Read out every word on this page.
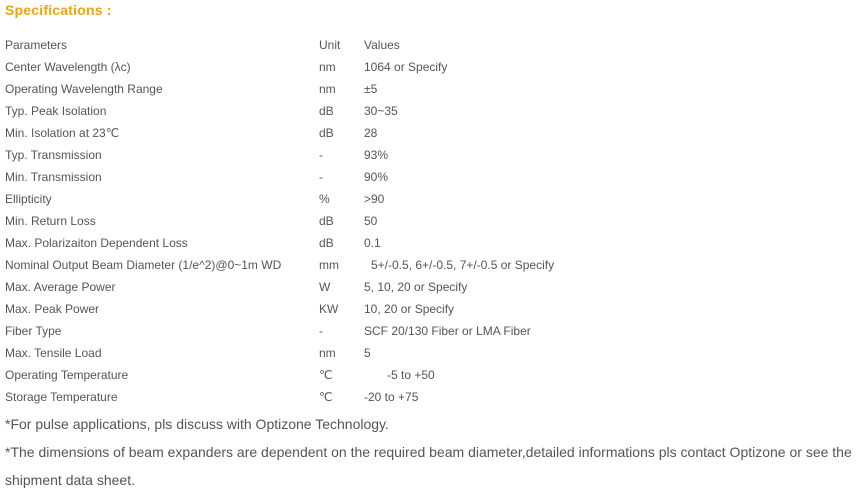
Specifications :
Parameters	Unit	Values
Center Wavelength (λc)	nm	1064 or Specify
Operating Wavelength Range	nm	±5
Typ. Peak Isolation	dB	30~35
Min. Isolation at 23℃	dB	28
Typ. Transmission	-	93%
Min. Transmission	-	90%
Ellipticity	%	>90
Min. Return Loss	dB	50
Max. Polarizaiton Dependent Loss	dB	0.1
Nominal Output Beam Diameter (1/e^2)@0~1m WD	mm	5+/-0.5, 6+/-0.5, 7+/-0.5 or Specify
Max. Average Power	W	5, 10, 20 or Specify
Max. Peak Power	KW	10, 20 or Specify
Fiber Type	-	SCF 20/130 Fiber or LMA Fiber
Max. Tensile Load	nm	5
Operating Temperature	℃	-5 to +50
Storage Temperature	℃	-20 to +75

*For pulse applications, pls discuss with Optizone Technology.

*The dimensions of beam expanders are dependent on the required beam diameter,detailed informations pls contact Optizone or see the shipment data sheet.
